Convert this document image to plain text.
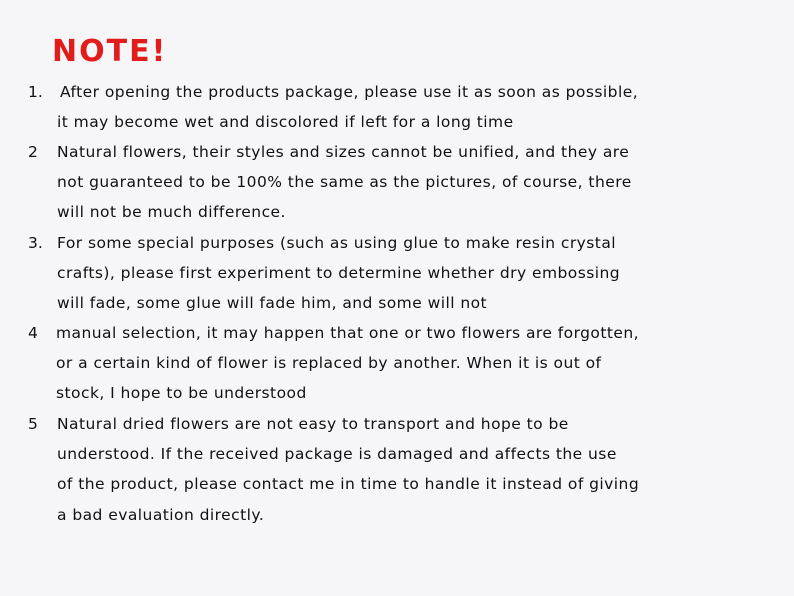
NOTE!
1. After opening the products package, please use it as soon as possible,
it may become wet and discolored if left for a long time
2 Natural flowers, their styles and sizes cannot be unified, and they are
not guaranteed to be 100% the same as the pictures, of course, there
will not be much difference.
3. For some special purposes (such as using glue to make resin crystal
crafts), please first experiment to determine whether dry embossing
will fade, some glue will fade him, and some will not
4 manual selection, it may happen that one or two flowers are forgotten,
or a certain kind of flower is replaced by another. When it is out of
stock, I hope to be understood
5 Natural dried flowers are not easy to transport and hope to be
understood. If the received package is damaged and affects the use
of the product, please contact me in time to handle it instead of giving
a bad evaluation directly.
